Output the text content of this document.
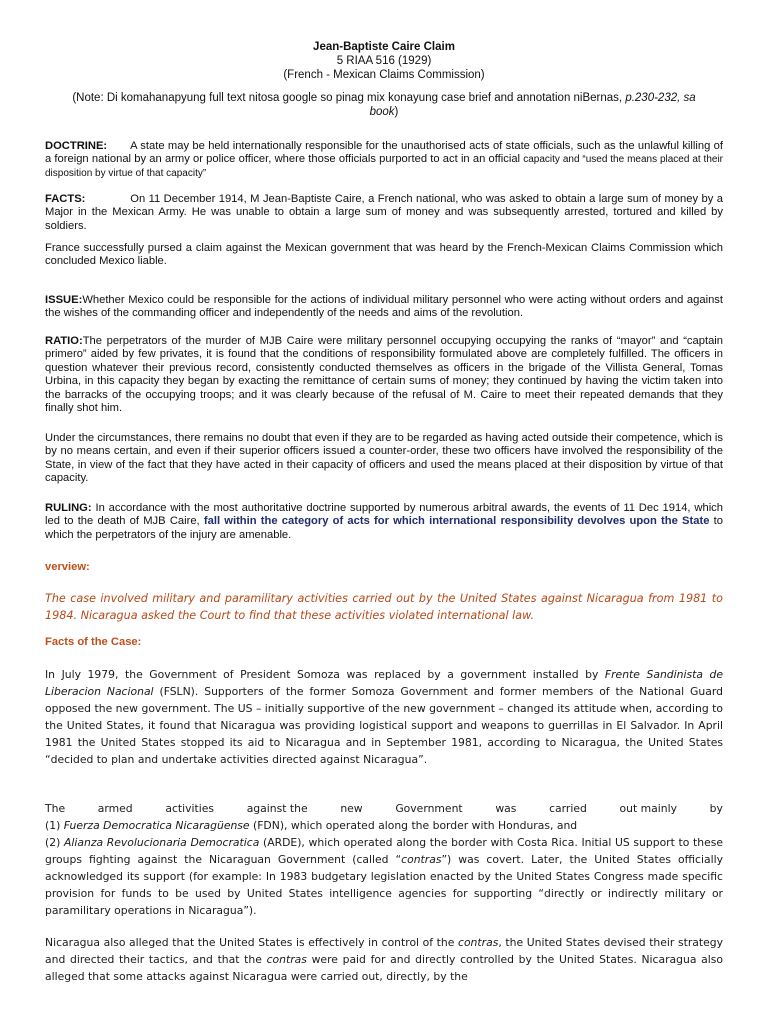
Jean-Baptiste Caire Claim
5 RIAA 516 (1929)
(French - Mexican Claims Commission)
(Note: Di komahanapyung full text nitosa google so pinag mix konayung case brief and annotation niBernas, p.230-232, sa book)

DOCTRINE: A state may be held internationally responsible for the unauthorised acts of state officials, such as the unlawful killing of a foreign national by an army or police officer, where those officials purported to act in an official capacity and “used the means placed at their disposition by virtue of that capacity”

FACTS:	On 11 December 1914, M Jean-Baptiste Caire, a French national, who was asked to obtain a large sum of money by a Major in the Mexican Army. He was unable to obtain a large sum of money and was subsequently arrested, tortured and killed by soldiers.

France successfully pursed a claim against the Mexican government that was heard by the French-Mexican Claims Commission which concluded Mexico liable.

ISSUE:Whether Mexico could be responsible for the actions of individual military personnel who were acting without orders and against the wishes of the commanding officer and independently of the needs and aims of the revolution.

RATIO:The perpetrators of the murder of MJB Caire were military personnel occupying occupying the ranks of “mayor” and “captain primero” aided by few privates, it is found that the conditions of responsibility formulated above are completely fulfilled. The officers in question whatever their previous record, consistently conducted themselves as officers in the brigade of the Villista General, Tomas Urbina, in this capacity they began by exacting the remittance of certain sums of money; they continued by having the victim taken into the barracks of the occupying troops; and it was clearly because of the refusal of M. Caire to meet their repeated demands that they finally shot him.

Under the circumstances, there remains no doubt that even if they are to be regarded as having acted outside their competence, which is by no means certain, and even if their superior officers issued a counter-order, these two officers have involved the responsibility of the State, in view of the fact that they have acted in their capacity of officers and used the means placed at their disposition by virtue of that capacity.

RULING: In accordance with the most authoritative doctrine supported by numerous arbitral awards, the events of 11 Dec 1914, which led to the death of MJB Caire, fall within the category of acts for which international responsibility devolves upon the State to which the perpetrators of the injury are amenable.

verview:

The case involved military and paramilitary activities carried out by the United States against Nicaragua from 1981 to 1984. Nicaragua asked the Court to find that these activities violated international law.

Facts of the Case:

In July 1979, the Government of President Somoza was replaced by a government installed by Frente Sandinista de Liberacion Nacional (FSLN). Supporters of the former Somoza Government and former members of the National Guard opposed the new government. The US – initially supportive of the new government – changed its attitude when, according to the United States, it found that Nicaragua was providing logistical support and weapons to guerrillas in El Salvador. In April 1981 the United States stopped its aid to Nicaragua and in September 1981, according to Nicaragua, the United States “decided to plan and undertake activities directed against Nicaragua”.

The	armed	activities	against the	new	Government	was	carried	out mainly	by

(1) Fuerza Democratica Nicaragüense (FDN), which operated along the border with Honduras, and

(2) Alianza Revolucionaria Democratica (ARDE), which operated along the border with Costa Rica. Initial US support to these groups fighting against the Nicaraguan Government (called “contras”) was covert. Later, the United States officially acknowledged its support (for example: In 1983 budgetary legislation enacted by the United States Congress made specific provision for funds to be used by United States intelligence agencies for supporting “directly or indirectly military or paramilitary operations in Nicaragua”).

Nicaragua also alleged that the United States is effectively in control of the contras, the United States devised their strategy and directed their tactics, and that the contras were paid for and directly controlled by the United States. Nicaragua also alleged that some attacks against Nicaragua were carried out, directly, by the
